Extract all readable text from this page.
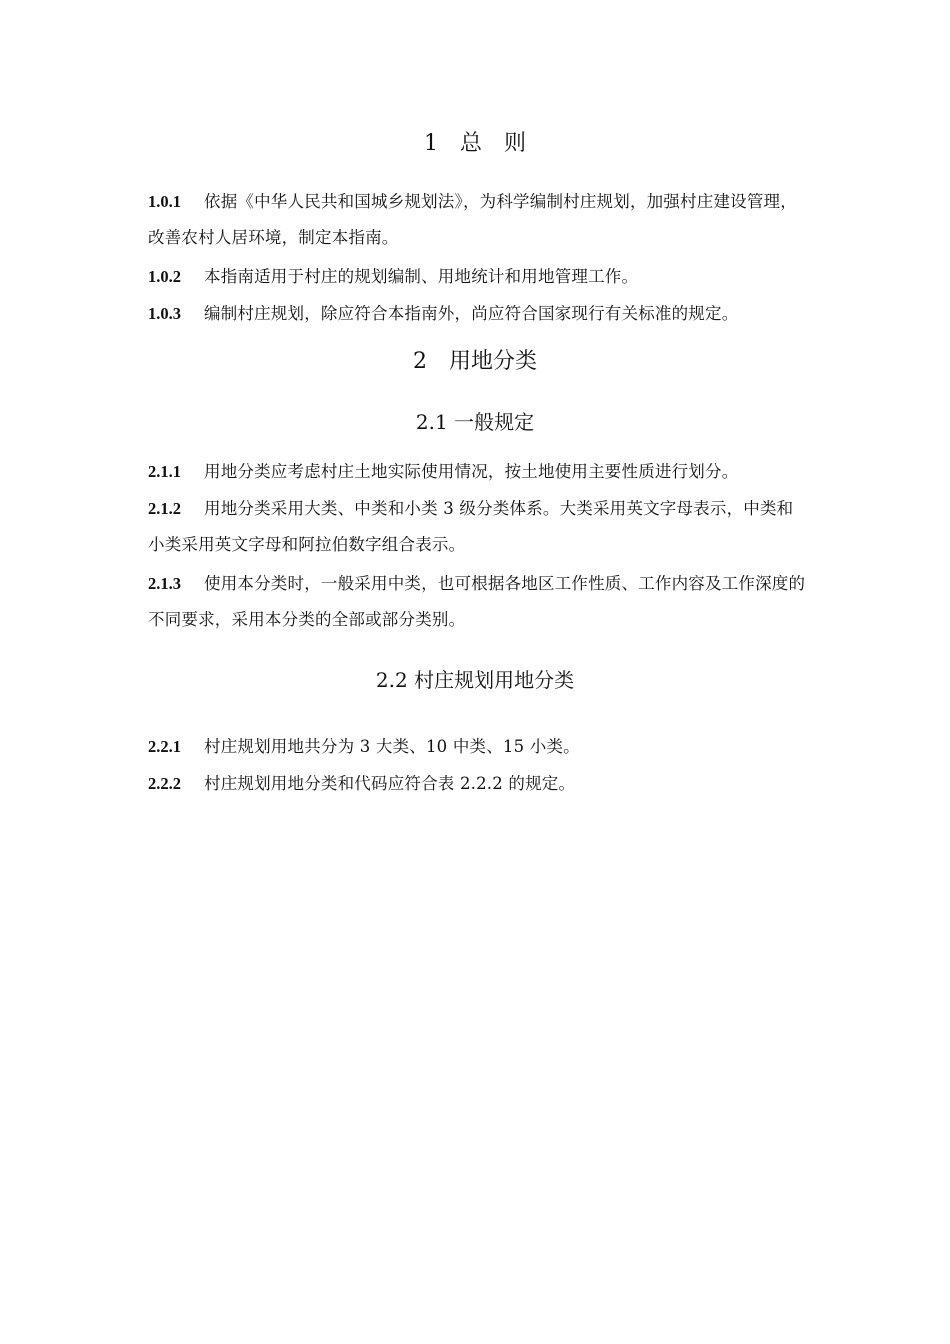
1　总　则

1.0.1 依据《中华人民共和国城乡规划法》，为科学编制村庄规划，加强村庄建设管理，改善农村人居环境，制定本指南。

1.0.2 本指南适用于村庄的规划编制、用地统计和用地管理工作。

1.0.3 编制村庄规划，除应符合本指南外，尚应符合国家现行有关标准的规定。

2　用地分类
2.1 一般规定

2.1.1 用地分类应考虑村庄土地实际使用情况，按土地使用主要性质进行划分。

2.1.2 用地分类采用大类、中类和小类 3 级分类体系。大类采用英文字母表示，中类和小类采用英文字母和阿拉伯数字组合表示。

2.1.3 使用本分类时，一般采用中类，也可根据各地区工作性质、工作内容及工作深度的不同要求，采用本分类的全部或部分类别。

2.2 村庄规划用地分类

2.2.1 村庄规划用地共分为 3 大类、10 中类、15 小类。

2.2.2 村庄规划用地分类和代码应符合表 2.2.2 的规定。
